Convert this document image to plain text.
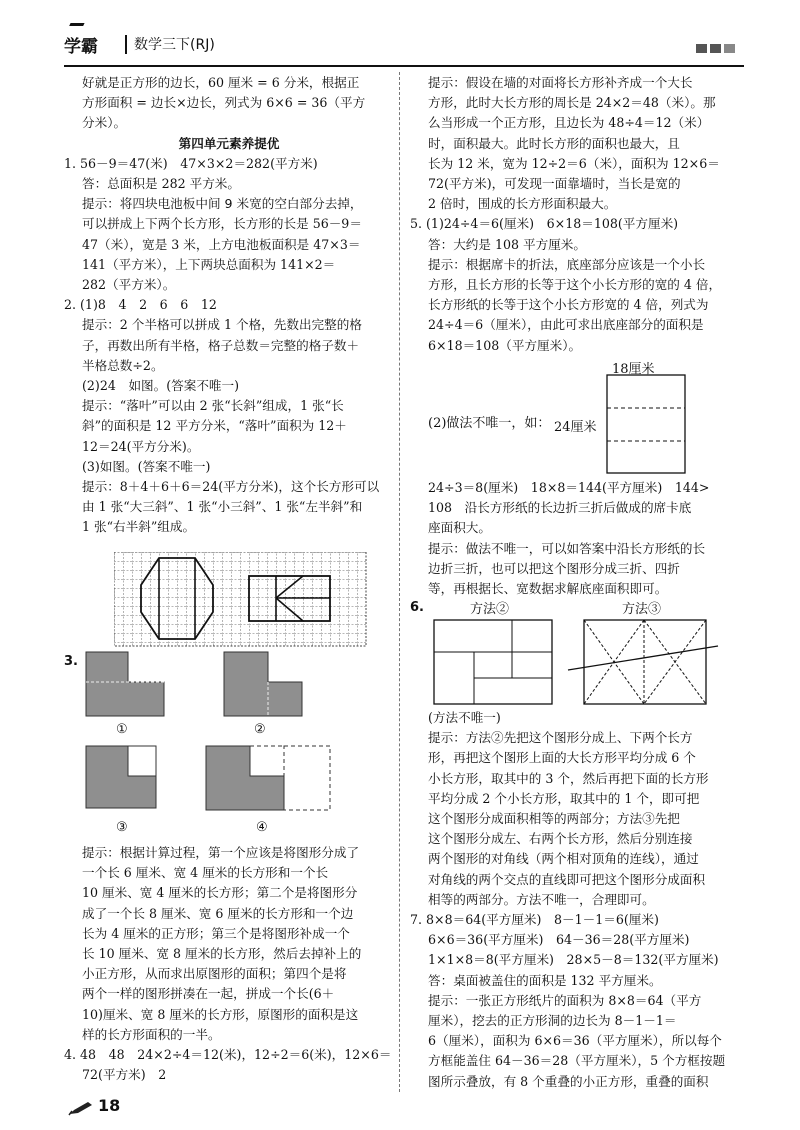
学霸	数学三下(RJ)

好就是正方形的边长，60 厘米 = 6 分米，根据正

方形面积 = 边长×边长，列式为 6×6 = 36（平方

分米）。

第四单元素养提优

1. 56－9＝47(米)　47×3×2＝282(平方米)

答：总面积是 282 平方米。

提示：将四块电池板中间 9 米宽的空白部分去掉，

可以拼成上下两个长方形，长方形的长是 56－9＝

47（米），宽是 3 米，上方电池板面积是 47×3＝

141（平方米），上下两块总面积为 141×2＝

282（平方米）。

2. (1)8　4　2　6　6　12

提示：2 个半格可以拼成 1 个格，先数出完整的格

子，再数出所有半格，格子总数＝完整的格子数＋

半格总数÷2。

(2)24　如图。(答案不唯一)

提示：“落叶”可以由 2 张“长斜”组成，1 张“长

斜”的面积是 12 平方分米，“落叶”面积为 12＋

12＝24(平方分米)。

(3)如图。(答案不唯一)

提示：8＋4＋6＋6＝24(平方分米)，这个长方形可以

由 1 张“大三斜”、1 张“小三斜”、1 张“左半斜”和

1 张“右半斜”组成。

3.
①	②
③	④

提示：根据计算过程，第一个应该是将图形分成了

一个长 6 厘米、宽 4 厘米的长方形和一个长

10 厘米、宽 4 厘米的长方形；第二个是将图形分

成了一个长 8 厘米、宽 6 厘米的长方形和一个边

长为 4 厘米的正方形；第三个是将图形补成一个

长 10 厘米、宽 8 厘米的长方形，然后去掉补上的

小正方形，从而求出原图形的面积；第四个是将

两个一样的图形拼凑在一起，拼成一个长(6＋

10)厘米、宽 8 厘米的长方形，原图形的面积是这

样的长方形面积的一半。

4. 48　48　24×2÷4＝12(米)，12÷2＝6(米)，12×6＝

72(平方米)　2

提示：假设在墙的对面将长方形补齐成一个大长

方形，此时大长方形的周长是 24×2＝48（米）。那

么当形成一个正方形，且边长为 48÷4＝12（米）

时，面积最大。此时长方形的面积也最大，且

长为 12 米，宽为 12÷2＝6（米），面积为 12×6＝

72(平方米)，可发现一面靠墙时，当长是宽的

2 倍时，围成的长方形面积最大。

5. (1)24÷4＝6(厘米)　6×18＝108(平方厘米)

答：大约是 108 平方厘米。

提示：根据席卡的折法，底座部分应该是一个小长

方形，且长方形的长等于这个小长方形的宽的 4 倍，

长方形纸的长等于这个小长方形宽的 4 倍，列式为

24÷4＝6（厘米），由此可求出底座部分的面积是

6×18＝108（平方厘米）。

18厘米
(2)做法不唯一，如： 24厘米

24÷3＝8(厘米)　18×8＝144(平方厘米)　144>

108　沿长方形纸的长边折三折后做成的席卡底

座面积大。

提示：做法不唯一，可以如答案中沿长方形纸的长

边折三折，也可以把这个图形分成三折、四折

等，再根据长、宽数据求解底座面积即可。

6.	方法②	方法③

(方法不唯一)

提示：方法②先把这个图形分成上、下两个长方

形，再把这个图形上面的大长方形平均分成 6 个

小长方形，取其中的 3 个，然后再把下面的长方形

平均分成 2 个小长方形，取其中的 1 个，即可把

这个图形分成面积相等的两部分；方法③先把

这个图形分成左、右两个长方形，然后分别连接

两个图形的对角线（两个相对顶角的连线），通过

对角线的两个交点的直线即可把这个图形分成面积

相等的两部分。方法不唯一，合理即可。

7. 8×8＝64(平方厘米)　8－1－1＝6(厘米)

6×6＝36(平方厘米)　64－36＝28(平方厘米)

1×1×8＝8(平方厘米)　28×5－8＝132(平方厘米)

答：桌面被盖住的面积是 132 平方厘米。

提示：一张正方形纸片的面积为 8×8＝64（平方

厘米），挖去的正方形洞的边长为 8－1－1＝

6（厘米），面积为 6×6＝36（平方厘米），所以每个

方框能盖住 64－36＝28（平方厘米），5 个方框按题

图所示叠放，有 8 个重叠的小正方形，重叠的面积

18
